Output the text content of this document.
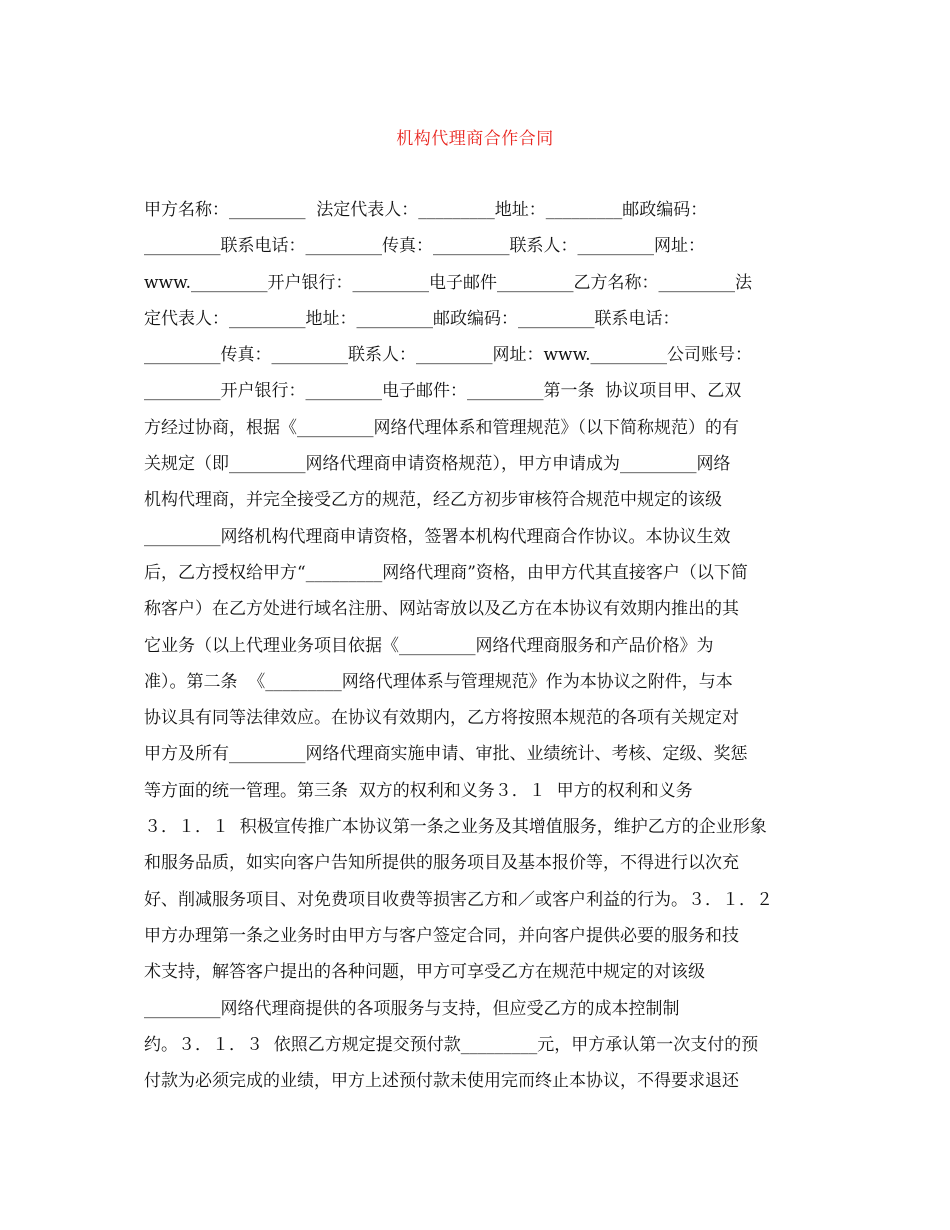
机构代理商合作合同
甲方名称：_________  法定代表人：_________地址：_________邮政编码：
_________联系电话：_________传真：_________联系人：_________网址：
www._________开户银行：_________电子邮件_________乙方名称：_________法
定代表人：_________地址：_________邮政编码：_________联系电话：
_________传真：_________联系人：_________网址：www._________公司账号：
_________开户银行：_________电子邮件：_________第一条  协议项目甲、乙双
方经过协商，根据《_________网络代理体系和管理规范》（以下简称规范）的有
关规定（即_________网络代理商申请资格规范），甲方申请成为_________网络
机构代理商，并完全接受乙方的规范，经乙方初步审核符合规范中规定的该级
_________网络机构代理商申请资格，签署本机构代理商合作协议。本协议生效
后，乙方授权给甲方“_________网络代理商”资格，由甲方代其直接客户（以下简
称客户）在乙方处进行域名注册、网站寄放以及乙方在本协议有效期内推出的其
它业务（以上代理业务项目依据《_________网络代理商服务和产品价格》为
准）。第二条  《_________网络代理体系与管理规范》作为本协议之附件，与本
协议具有同等法律效应。在协议有效期内，乙方将按照本规范的各项有关规定对
甲方及所有_________网络代理商实施申请、审批、业绩统计、考核、定级、奖惩
等方面的统一管理。第三条  双方的权利和义务３．１  甲方的权利和义务
３．１．１  积极宣传推广本协议第一条之业务及其增值服务，维护乙方的企业形象
和服务品质，如实向客户告知所提供的服务项目及基本报价等，不得进行以次充
好、削减服务项目、对免费项目收费等损害乙方和／或客户利益的行为。３．１．２
甲方办理第一条之业务时由甲方与客户签定合同，并向客户提供必要的服务和技
术支持，解答客户提出的各种问题，甲方可享受乙方在规范中规定的对该级
_________网络代理商提供的各项服务与支持，但应受乙方的成本控制制
约。３．１．３  依照乙方规定提交预付款_________元，甲方承认第一次支付的预
付款为必须完成的业绩，甲方上述预付款未使用完而终止本协议，不得要求退还
